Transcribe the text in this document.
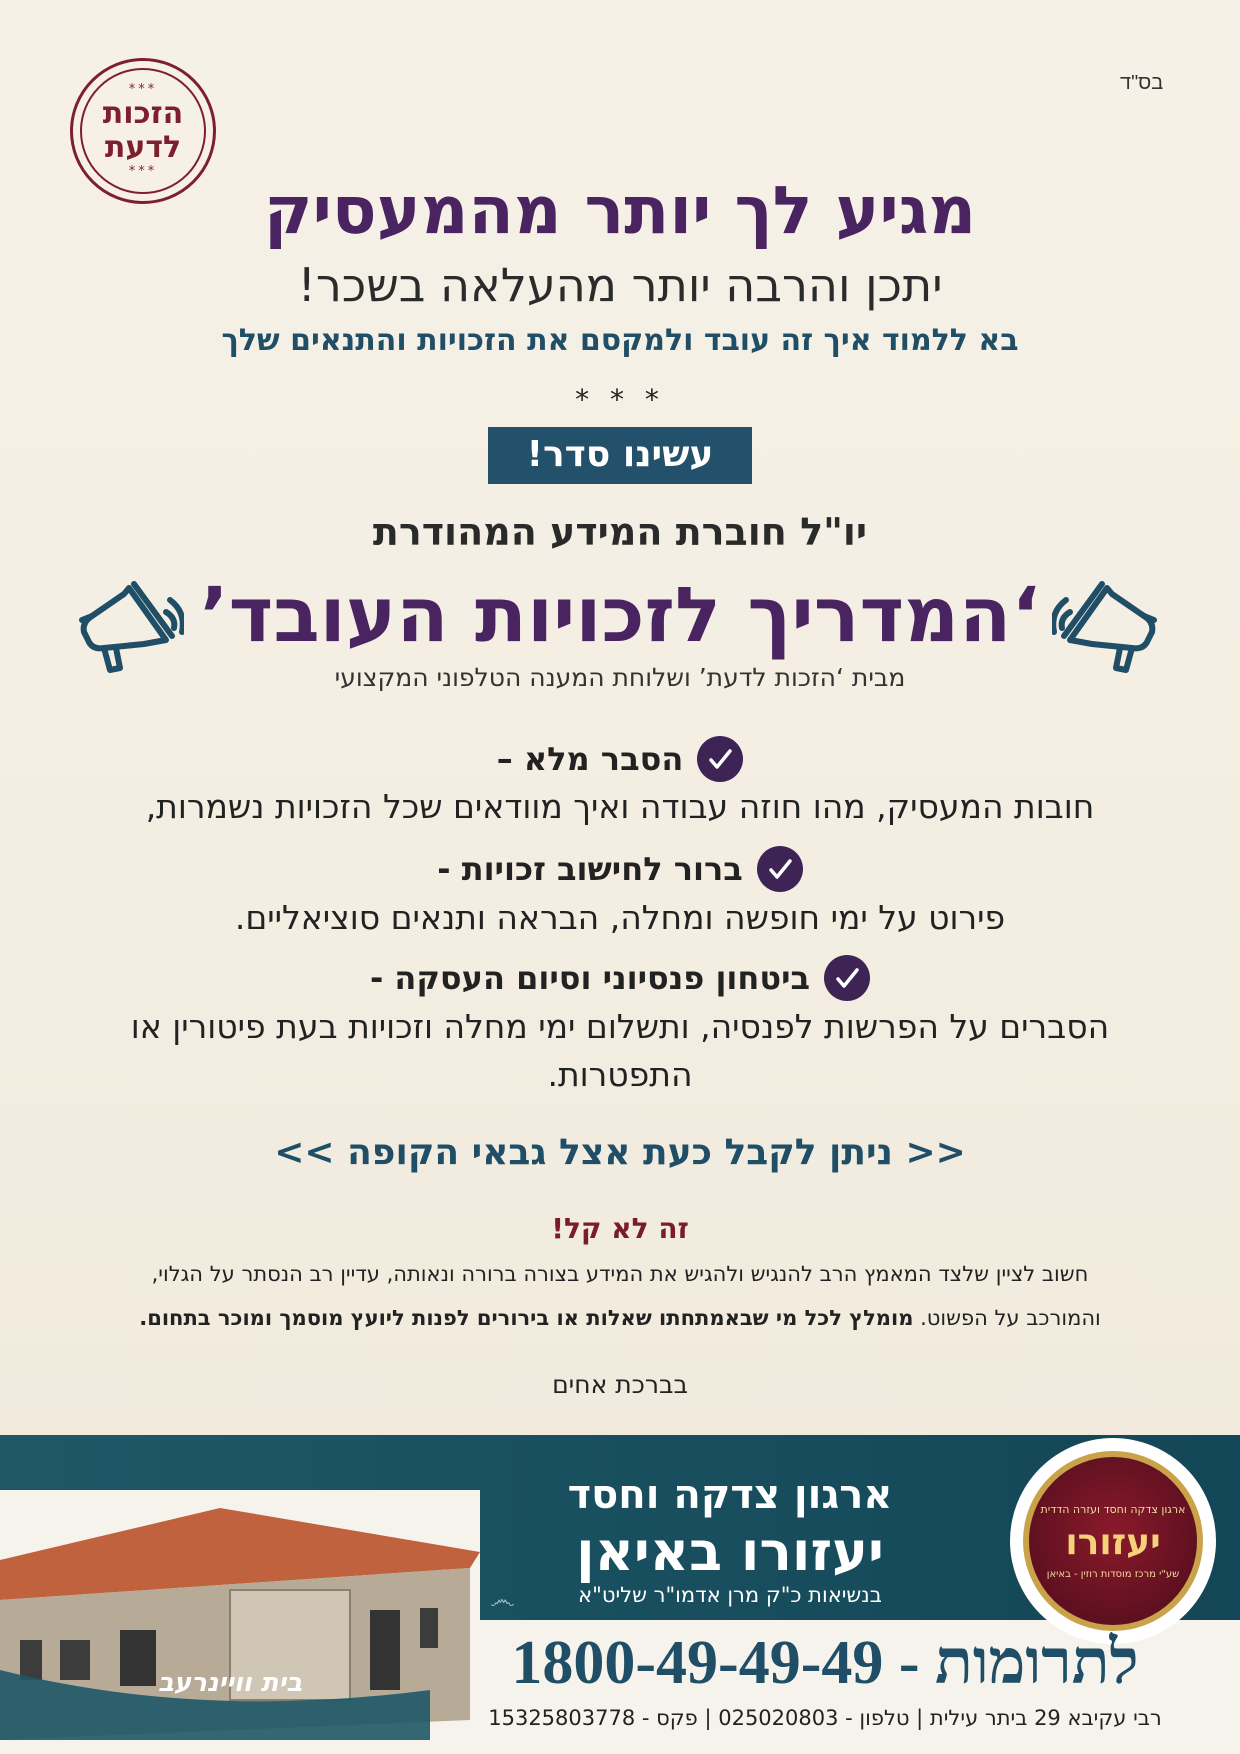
בס"ד
***
הזכות
לדעת
***
מגיע לך יותר מהמעסיק
יתכן והרבה יותר מהעלאה בשכר!
בא ללמוד איך זה עובד ולמקסם את הזכויות והתנאים שלך
* * *
עשינו סדר!
יו"ל חוברת המידע המהודרת
‘המדריך לזכויות העובד’
מבית ‘הזכות לדעת’ ושלוחת המענה הטלפוני המקצועי
הסבר מלא –
חובות המעסיק, מהו חוזה עבודה ואיך מוודאים שכל הזכויות נשמרות,
ברור לחישוב זכויות -
פירוט על ימי חופשה ומחלה, הבראה ותנאים סוציאליים.
ביטחון פנסיוני וסיום העסקה -
הסברים על הפרשות לפנסיה, ותשלום ימי מחלה וזכויות בעת פיטורין או התפטרות.
<< ניתן לקבל כעת אצל גבאי הקופה >>
זה לא קל!
חשוב לציין שלצד המאמץ הרב להנגיש ולהגיש את המידע בצורה ברורה ונאותה, עדיין רב הנסתר על הגלוי,
והמורכב על הפשוט. מומלץ לכל מי שבאמתחתו שאלות או בירורים לפנות ליועץ מוסמך ומוכר בתחום.
בברכת אחים
בית וויינרעב
෴
ארגון צדקה וחסד
יעזורו באיאן
בנשיאות כ"ק מרן אדמו"ר שליט"א
ארגון צדקה וחסד ועזרה הדדית
יעזורו
שע"י מרכז מוסדות רוזין - באיאן
לתרומות - 1800-49-49-49
רבי עקיבא 29 ביתר עילית | טלפון - 025020803 | פקס - 15325803778
